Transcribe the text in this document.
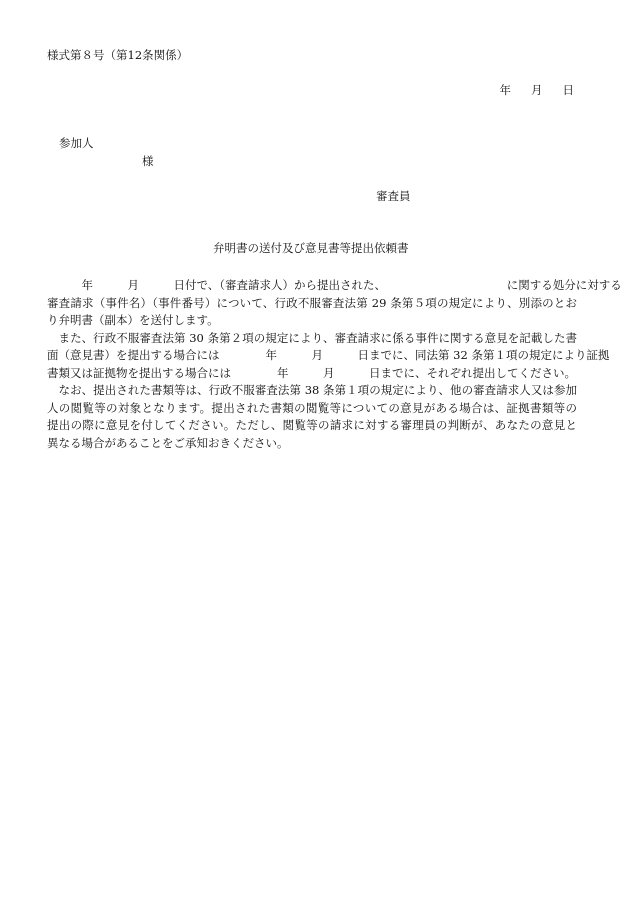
様式第８号（第12条関係）
年 月 日
参加人
様
審査員
弁明書の送付及び意見書等提出依頼書
　　　年　　　月　　　日付で、（審査請求人）から提出された、　　　　　　　　　　　に関する処分に対する
審査請求（事件名）（事件番号）について、行政不服審査法第 29 条第５項の規定により、別添のとお
り弁明書（副本）を送付します。
　また、行政不服審査法第 30 条第２項の規定により、審査請求に係る事件に関する意見を記載した書
面（意見書）を提出する場合には　　　　年　　　月　　　日までに、同法第 32 条第１項の規定により証拠
書類又は証拠物を提出する場合には　　　　年　　　月　　　日までに、それぞれ提出してください。
　なお、提出された書類等は、行政不服審査法第 38 条第１項の規定により、他の審査請求人又は参加
人の閲覧等の対象となります。提出された書類の閲覧等についての意見がある場合は、証拠書類等の
提出の際に意見を付してください。ただし、閲覧等の請求に対する審理員の判断が、あなたの意見と
異なる場合があることをご承知おきください。
